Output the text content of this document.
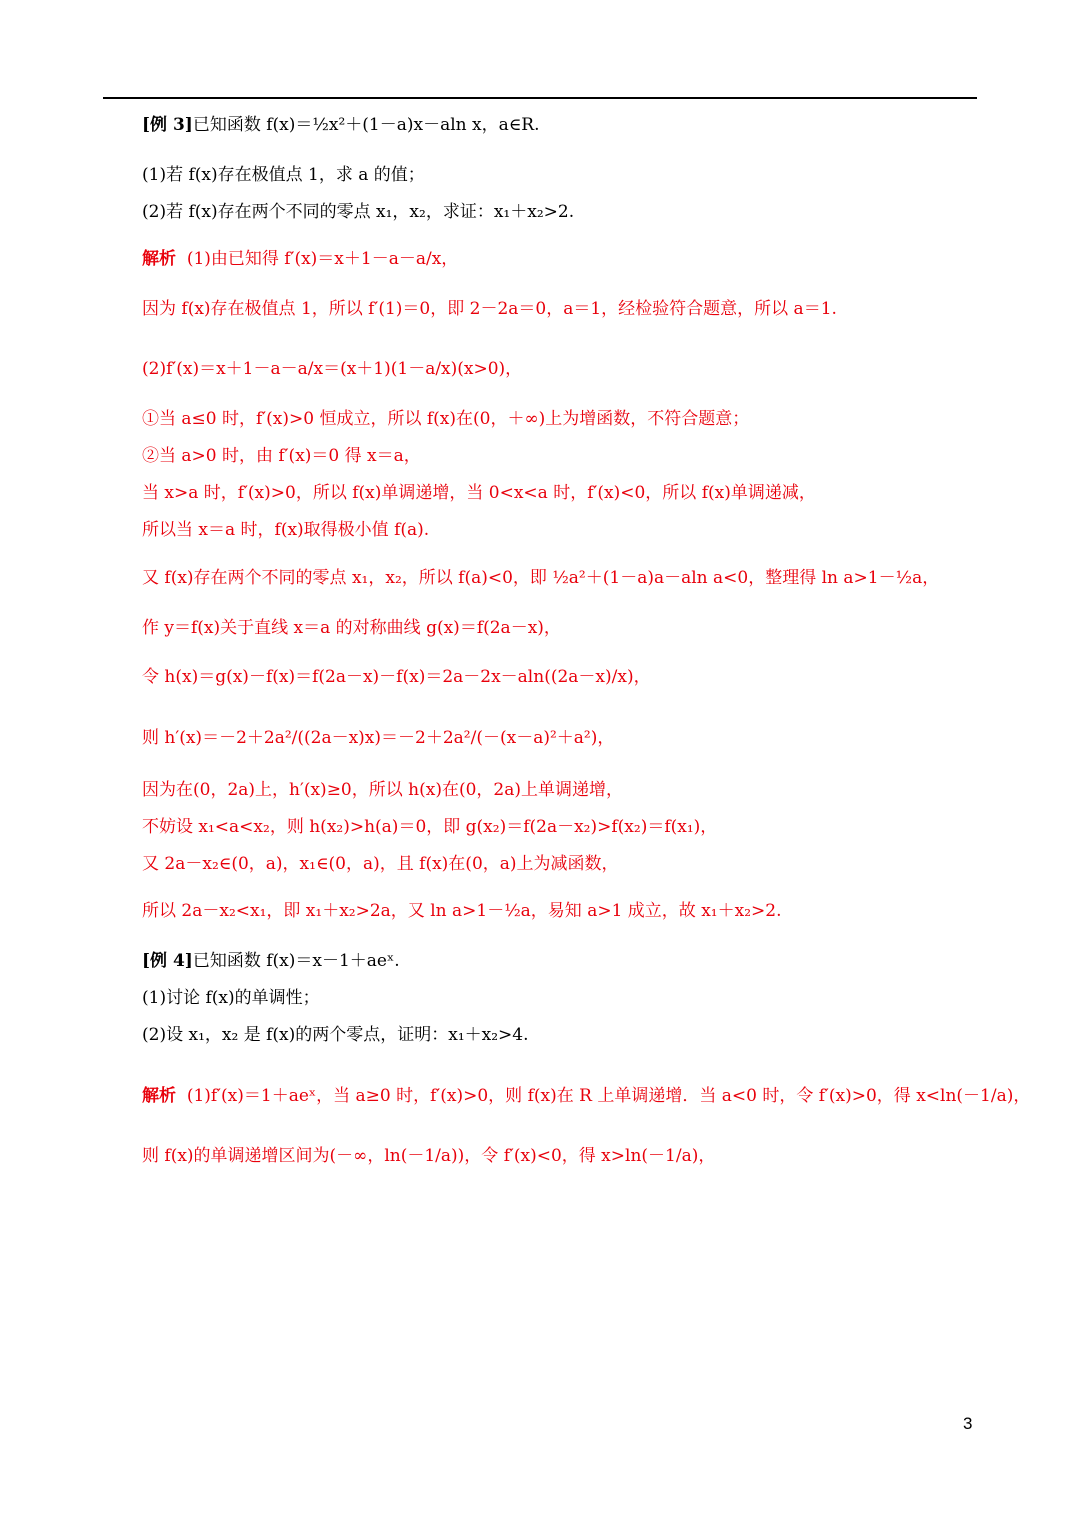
[例 3]已知函数 f(x)＝½x²＋(1－a)x－aln x，a∈R.
(1)若 f(x)存在极值点 1，求 a 的值；
(2)若 f(x)存在两个不同的零点 x₁，x₂，求证：x₁＋x₂>2.
解析 (1)由已知得 f′(x)＝x＋1－a－a/x，
因为 f(x)存在极值点 1，所以 f′(1)＝0，即 2－2a＝0，a＝1，经检验符合题意，所以 a＝1.
(2)f′(x)＝x＋1－a－a/x＝(x＋1)(1－a/x)(x>0)，
①当 a≤0 时，f′(x)>0 恒成立，所以 f(x)在(0，＋∞)上为增函数，不符合题意；
②当 a>0 时，由 f′(x)＝0 得 x＝a，
当 x>a 时，f′(x)>0，所以 f(x)单调递增，当 0<x<a 时，f′(x)<0，所以 f(x)单调递减，
所以当 x＝a 时，f(x)取得极小值 f(a).
又 f(x)存在两个不同的零点 x₁，x₂，所以 f(a)<0，即 ½a²＋(1－a)a－aln a<0，整理得 ln a>1－½a，
作 y＝f(x)关于直线 x＝a 的对称曲线 g(x)＝f(2a－x)，
令 h(x)＝g(x)－f(x)＝f(2a－x)－f(x)＝2a－2x－aln((2a－x)/x)，
则 h′(x)＝－2＋2a²/((2a－x)x)＝－2＋2a²/(－(x－a)²＋a²)，
因为在(0，2a)上，h′(x)≥0，所以 h(x)在(0，2a)上单调递增，
不妨设 x₁<a<x₂，则 h(x₂)>h(a)＝0，即 g(x₂)＝f(2a－x₂)>f(x₂)＝f(x₁)，
又 2a－x₂∈(0，a)，x₁∈(0，a)，且 f(x)在(0，a)上为减函数，
所以 2a－x₂<x₁，即 x₁＋x₂>2a，又 ln a>1－½a，易知 a>1 成立，故 x₁＋x₂>2.
[例 4]已知函数 f(x)＝x－1＋aeˣ.
(1)讨论 f(x)的单调性；
(2)设 x₁，x₂ 是 f(x)的两个零点，证明：x₁＋x₂>4.
解析 (1)f′(x)＝1＋aeˣ，当 a≥0 时，f′(x)>0，则 f(x)在 R 上单调递增．当 a<0 时，令 f′(x)>0，得 x<ln(－1/a)，
则 f(x)的单调递增区间为(－∞，ln(－1/a))，令 f′(x)<0，得 x>ln(－1/a)，
3
